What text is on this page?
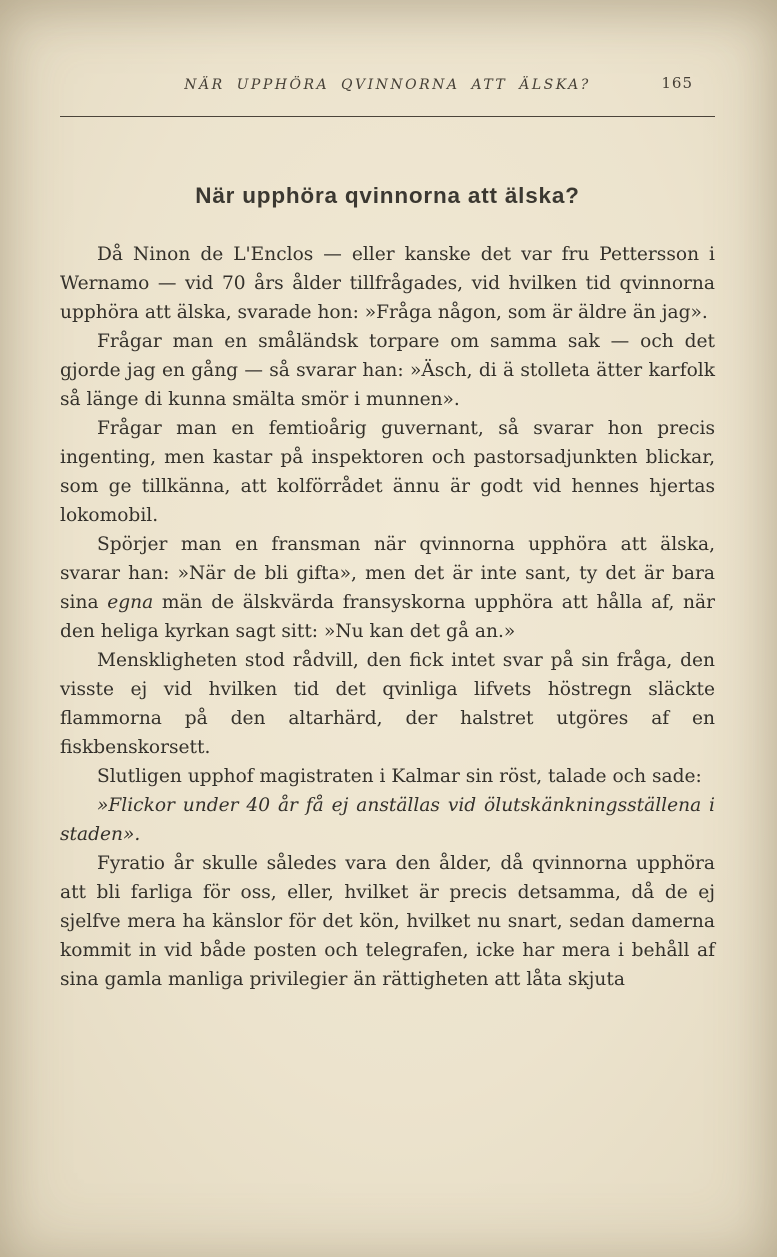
NÄR UPPHÖRA QVINNORNA ATT ÄLSKA?	165
När upphöra qvinnorna att älska?

Då Ninon de L'Enclos — eller kanske det var fru Pettersson i Wernamo — vid 70 års ålder tillfrågades, vid hvilken tid qvinnorna upphöra att älska, svarade hon: »Fråga någon, som är äldre än jag».

Frågar man en småländsk torpare om samma sak — och det gjorde jag en gång — så svarar han: »Äsch, di ä stolleta ätter karfolk så länge di kunna smälta smör i munnen».

Frågar man en femtioårig guvernant, så svarar hon precis ingenting, men kastar på inspektoren och pastorsadjunkten blickar, som ge tillkänna, att kolförrådet ännu är godt vid hennes hjertas lokomobil.

Spörjer man en fransman när qvinnorna upphöra att älska, svarar han: »När de bli gifta», men det är inte sant, ty det är bara sina egna män de älskvärda fransyskorna upphöra att hålla af, när den heliga kyrkan sagt sitt: »Nu kan det gå an.»

Menskligheten stod rådvill, den fick intet svar på sin fråga, den visste ej vid hvilken tid det qvinliga lifvets höstregn släckte flammorna på den altarhärd, der halstret utgöres af en fiskbenskorsett.

Slutligen upphof magistraten i Kalmar sin röst, talade och sade:

»Flickor under 40 år få ej anställas vid ölutskänkningsställena i staden».

Fyratio år skulle således vara den ålder, då qvinnorna upphöra att bli farliga för oss, eller, hvilket är precis detsamma, då de ej sjelfve mera ha känslor för det kön, hvilket nu snart, sedan damerna kommit in vid både posten och telegrafen, icke har mera i behåll af sina gamla manliga privilegier än rättigheten att låta skjuta
